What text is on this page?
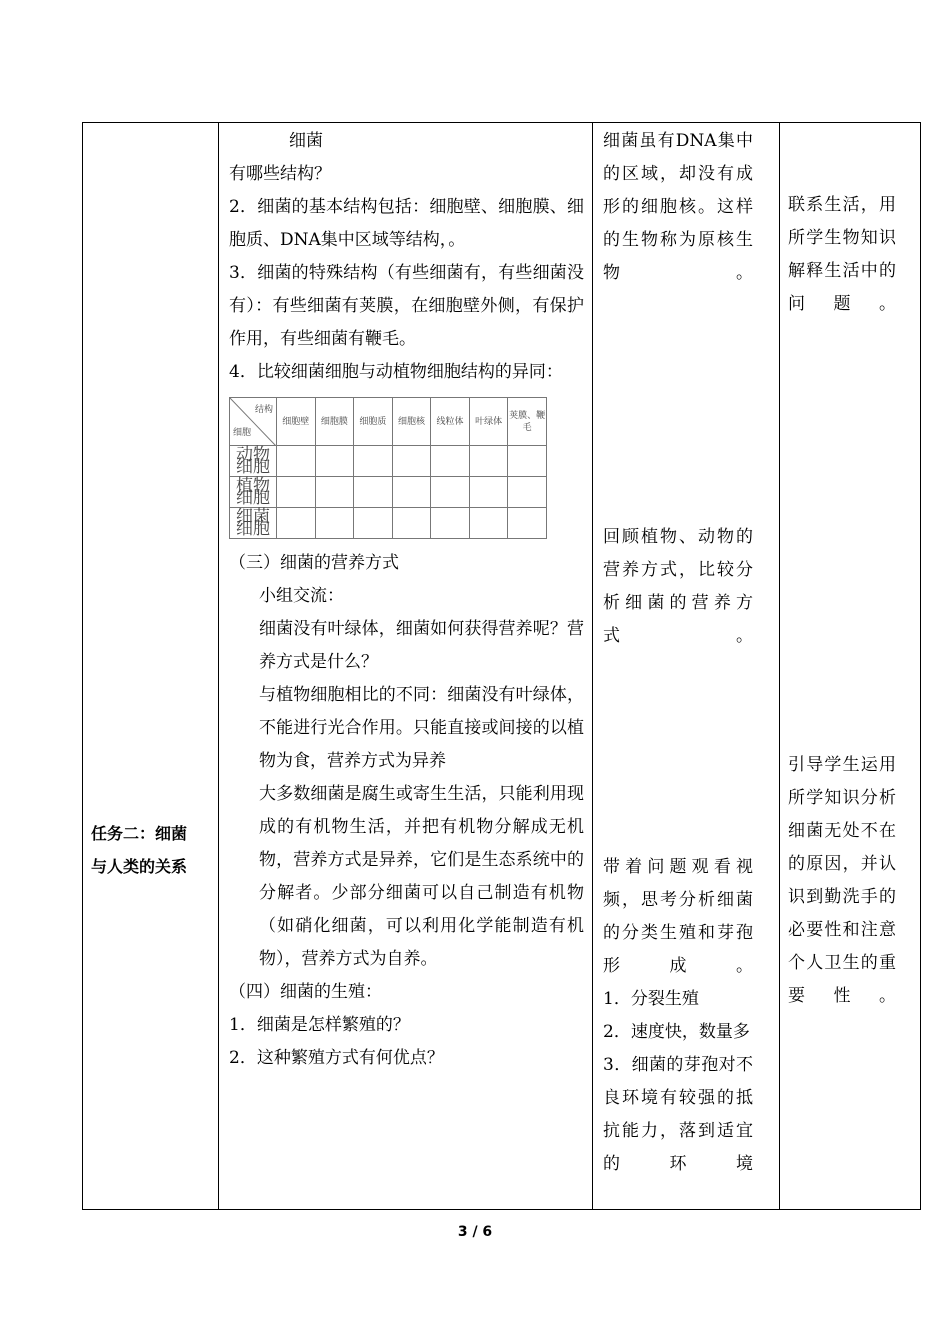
任务二：细菌
与人类的关系

细菌

有哪些结构？

2．细菌的基本结构包括：细胞壁、细胞膜、细胞质、DNA集中区域等结构，。

3．细菌的特殊结构（有些细菌有，有些细菌没有）：有些细菌有荚膜，在细胞壁外侧，有保护作用，有些细菌有鞭毛。

4．比较细菌细胞与动植物细胞结构的异同：

结构
细胞
	细胞壁	细胞膜	细胞质	细胞核	线粒体	叶绿体	荚膜、鞭毛
动物细胞							
植物细胞							
细菌细胞							

（三）细菌的营养方式

小组交流：

细菌没有叶绿体，细菌如何获得营养呢？营养方式是什么？

与植物细胞相比的不同：细菌没有叶绿体，不能进行光合作用。只能直接或间接的以植物为食，营养方式为异养

大多数细菌是腐生或寄生生活，只能利用现成的有机物生活，并把有机物分解成无机物，营养方式是异养，它们是生态系统中的分解者。少部分细菌可以自己制造有机物（如硝化细菌，可以利用化学能制造有机物），营养方式为自养。

（四）细菌的生殖：

1．细菌是怎样繁殖的？

2．这种繁殖方式有何优点？

细菌虽有DNA集中的区域，却没有成形的细胞核。这样的生物称为原核生物。

回顾植物、动物的营养方式，比较分析细菌的营养方式。

带着问题观看视频，思考分析细菌的分类生殖和芽孢形成。

1．分裂生殖

2．速度快，数量多

3．细菌的芽孢对不良环境有较强的抵抗能力，落到适宜的环境

联系生活，用所学生物知识解释生活中的问题。

引导学生运用所学知识分析细菌无处不在的原因，并认识到勤洗手的必要性和注意个人卫生的重要性。

3 / 6
